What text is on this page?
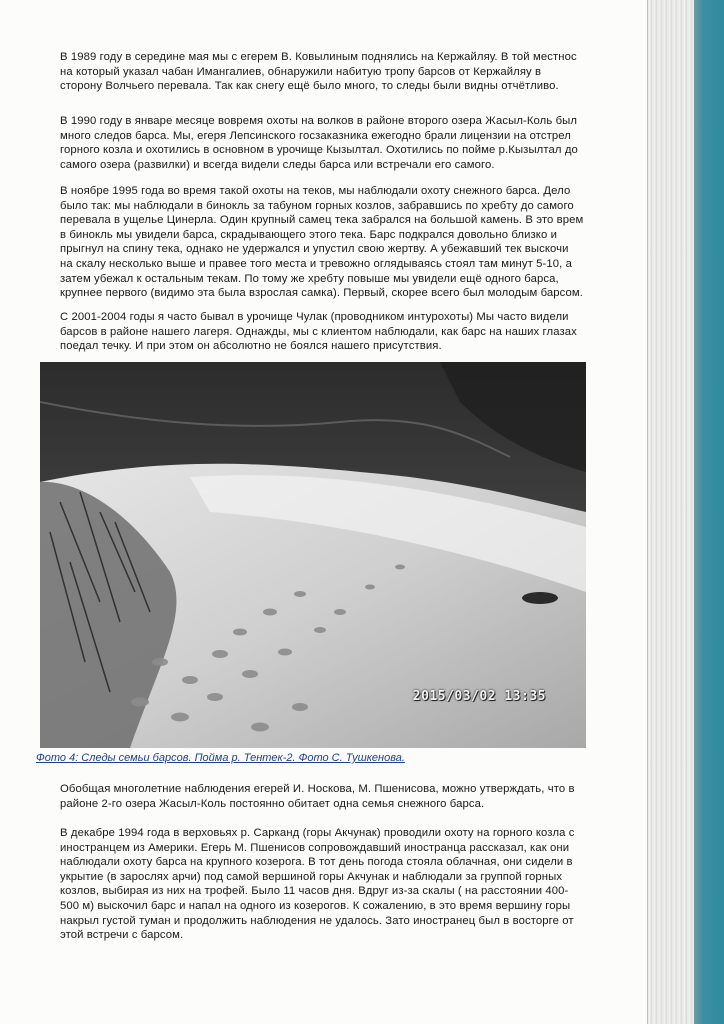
В 1989 году в середине мая мы с егерем В. Ковылиным поднялись на Кержайляу. В той местнос
на который указал чабан Имангалиев, обнаружили набитую тропу барсов от Кержайляу в
сторону Волчьего перевала. Так как снегу ещё было много, то следы были видны отчётливо.

В 1990 году в январе месяце вовремя охоты на волков в районе второго озера Жасыл-Коль был
много следов барса. Мы, егеря Лепсинского госзаказника ежегодно брали лицензии на отстрел
горного козла и охотились в основном в урочище Кызылтал. Охотились по пойме р.Кызылтал до
самого озера (развилки) и всегда видели следы барса или встречали его самого.

В ноябре 1995 года во время такой охоты на теков, мы наблюдали охоту снежного барса. Дело
было так: мы наблюдали в бинокль за табуном горных козлов, забравшись по хребту до самого
перевала в ущелье Цинерла. Один крупный самец тека забрался на большой камень. В это врем
в бинокль мы увидели барса, скрадывающего этого тека. Барс подкрался довольно близко и
прыгнул на спину тека, однако не удержался и упустил свою жертву. А убежавший тек выскочи
на скалу несколько выше и правее того места и тревожно оглядываясь стоял там минут 5-10, а
затем убежал к остальным текам. По тому же хребту повыше мы увидели ещё одного барса,
крупнее первого (видимо эта была взрослая самка). Первый, скорее всего был молодым барсом.

С 2001-2004 годы я часто бывал в урочище Чулак (проводником интурохоты) Мы часто видели
барсов в районе нашего лагеря. Однажды, мы с клиентом наблюдали, как барс на наших глазах
поедал течку. И при этом он абсолютно не боялся нашего присутствия.

2015/03/02 13:35
Фото 4: Следы семьи барсов. Пойма р. Тентек-2. Фото С. Тушкенова.

Обобщая многолетние наблюдения егерей И. Носкова, М. Пшенисова, можно утверждать, что в
районе 2-го озера Жасыл-Коль постоянно обитает одна семья снежного барса.

В декабре 1994 года в верховьях р. Сарканд (горы Акчунак) проводили охоту на горного козла с
иностранцем из Америки. Егерь М. Пшенисов сопровождавший иностранца рассказал, как они
наблюдали охоту барса на крупного козерога. В тот день погода стояла облачная, они сидели в
укрытие (в зарослях арчи) под самой вершиной горы Акчунак и наблюдали за группой горных
козлов, выбирая из них на трофей. Было 11 часов дня. Вдруг из-за скалы ( на расстоянии 400-
500 м) выскочил барс и напал на одного из козерогов. К сожалению, в это время вершину горы
накрыл густой туман и продолжить наблюдения не удалось. Зато иностранец был в восторге от
этой встречи с барсом.
